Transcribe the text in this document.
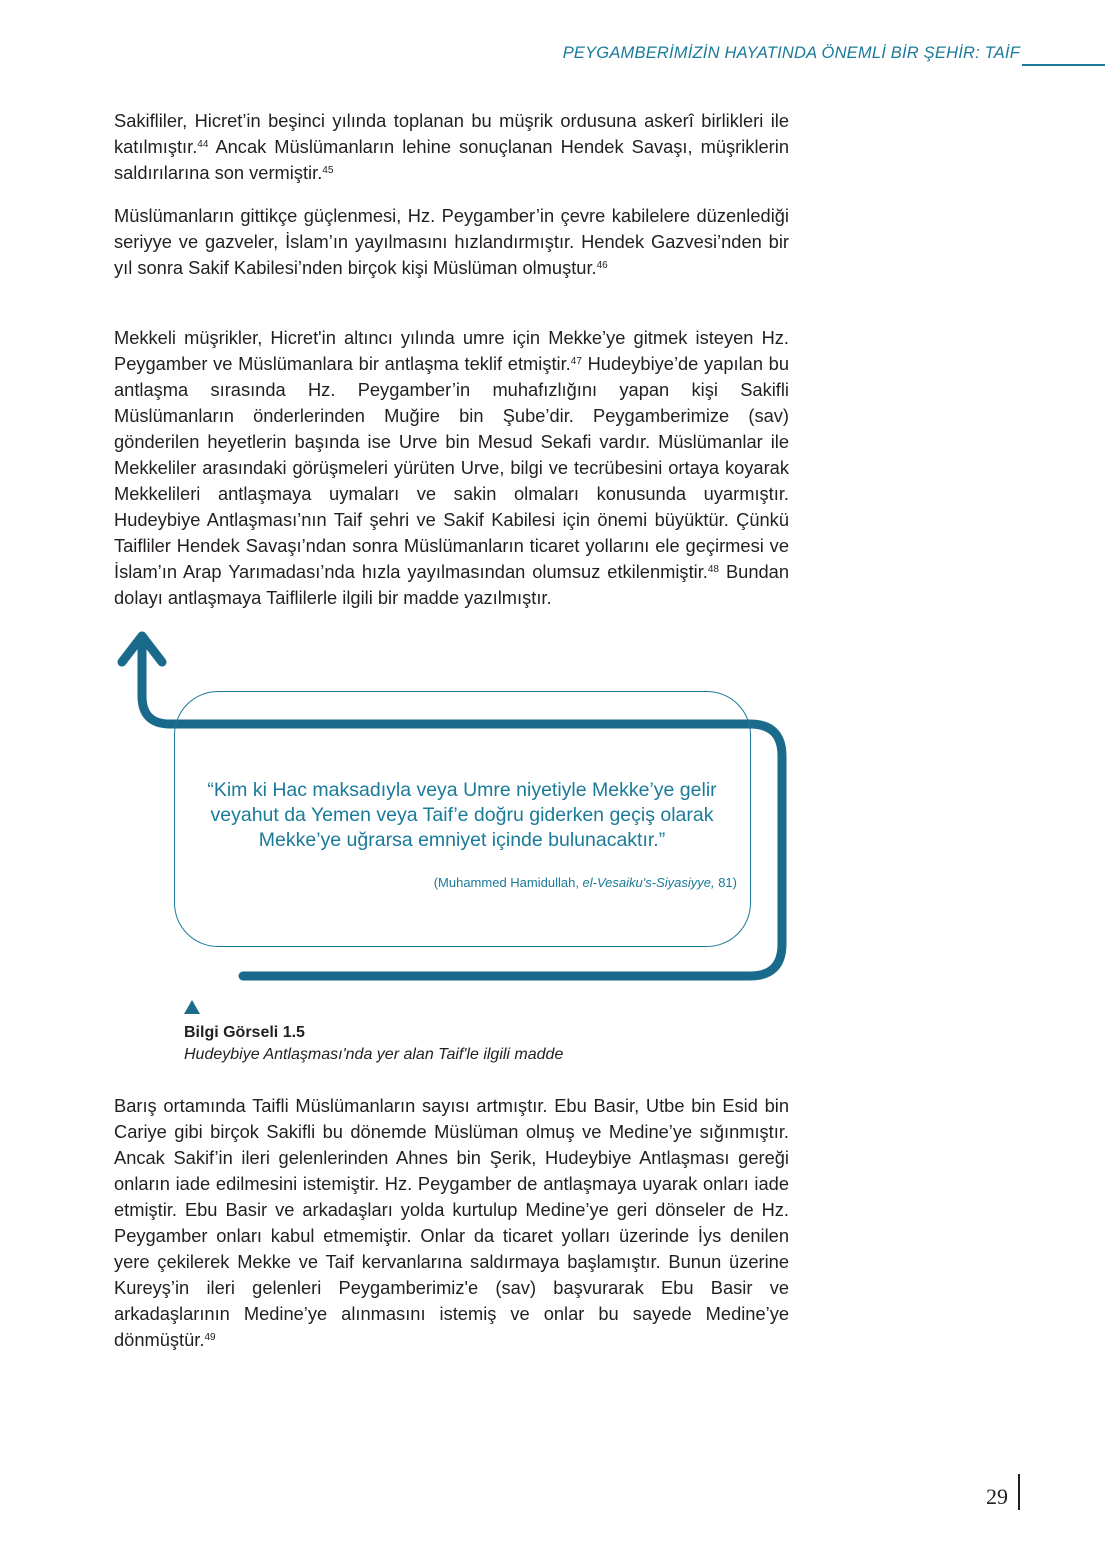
PEYGAMBERİMİZİN HAYATINDA ÖNEMLİ BİR ŞEHİR: TAİF

Sakifliler, Hicret’in beşinci yılında toplanan bu müşrik ordusuna askerî birlikleri ile katılmıştır.$^{44}$ Ancak Müslümanların lehine sonuçlanan Hendek Savaşı, müşriklerin saldırılarına son vermiştir.$^{45}$

Müslümanların gittikçe güçlenmesi, Hz. Peygamber’in çevre kabilelere düzenlediği seriyye ve gazveler, İslam’ın yayılmasını hızlandırmıştır. Hendek Gazvesi’nden bir yıl sonra Sakif Kabilesi’nden birçok kişi Müslüman olmuştur.$^{46}$

Mekkeli müşrikler, Hicret'in altıncı yılında umre için Mekke’ye gitmek isteyen Hz. Peygamber ve Müslümanlara bir antlaşma teklif etmiştir.$^{47}$ Hudeybiye’de yapılan bu antlaşma sırasında Hz. Peygamber’in muhafızlığını yapan kişi Sakifli Müslümanların önderlerinden Muğire bin Şube’dir. Peygamberimize (sav) gönderilen heyetlerin başında ise Urve bin Mesud Sekafi vardır. Müslümanlar ile Mekkeliler arasındaki görüşmeleri yürüten Urve, bilgi ve tecrübesini ortaya koyarak Mekkelileri antlaşmaya uymaları ve sakin olmaları konusunda uyarmıştır. Hudeybiye Antlaşması’nın Taif şehri ve Sakif Kabilesi için önemi büyüktür. Çünkü Taifliler Hendek Savaşı’ndan sonra Müslümanların ticaret yollarını ele geçirmesi ve İslam’ın Arap Yarımadası’nda hızla yayılmasından olumsuz etkilenmiştir.$^{48}$ Bundan dolayı antlaşmaya Taiflilerle ilgili bir madde yazılmıştır.

“Kim ki Hac maksadıyla veya Umre niyetiyle Mekke’ye gelir veyahut da Yemen veya Taif’e doğru giderken geçiş olarak Mekke’ye uğrarsa emniyet içinde bulunacaktır.”
(Muhammed Hamidullah, el-Vesaiku's-Siyasiyye, 81)
Bilgi Görseli 1.5
Hudeybiye Antlaşması'nda yer alan Taif'le ilgili madde

Barış ortamında Taifli Müslümanların sayısı artmıştır. Ebu Basir, Utbe bin Esid bin Cariye gibi birçok Sakifli bu dönemde Müslüman olmuş ve Medine’ye sığınmıştır. Ancak Sakif’in ileri gelenlerinden Ahnes bin Şerik, Hudeybiye Antlaşması gereği onların iade edilmesini istemiştir. Hz. Peygamber de antlaşmaya uyarak onları iade etmiştir. Ebu Basir ve arkadaşları yolda kurtulup Medine’ye geri dönseler de Hz. Peygamber onları kabul etmemiştir. Onlar da ticaret yolları üzerinde İys denilen yere çekilerek Mekke ve Taif kervanlarına saldırmaya başlamıştır. Bunun üzerine Kureyş’in ileri gelenleri Peygamberimiz'e (sav) başvurarak Ebu Basir ve arkadaşlarının Medine’ye alınmasını istemiş ve onlar bu sayede Medine’ye dönmüştür.$^{49}$

29
